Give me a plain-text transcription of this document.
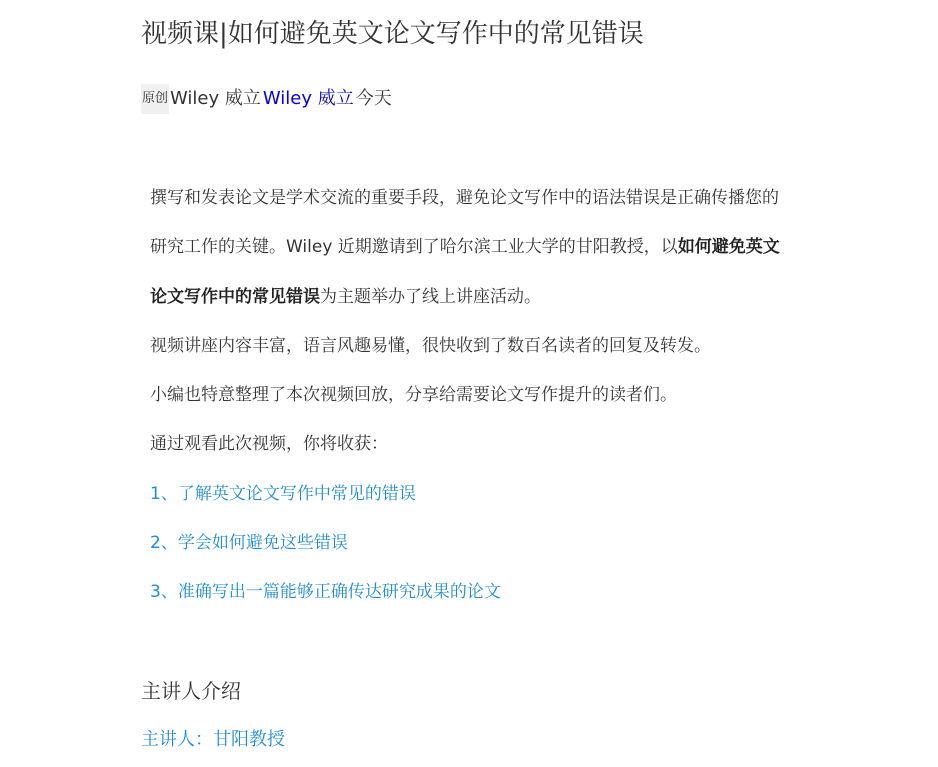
视频课|如何避免英文论文写作中的常见错误
原创 Wiley 威立 Wiley 威立 今天

撰写和发表论文是学术交流的重要手段，避免论文写作中的语法错误是正确传播您的研究工作的关键。Wiley 近期邀请到了哈尔滨工业大学的甘阳教授，以如何避免英文论文写作中的常见错误为主题举办了线上讲座活动。

视频讲座内容丰富，语言风趣易懂，很快收到了数百名读者的回复及转发。

小编也特意整理了本次视频回放，分享给需要论文写作提升的读者们。

通过观看此次视频，你将收获：

1、了解英文论文写作中常见的错误

2、学会如何避免这些错误

3、准确写出一篇能够正确传达研究成果的论文

主讲人介绍
主讲人：甘阳教授
